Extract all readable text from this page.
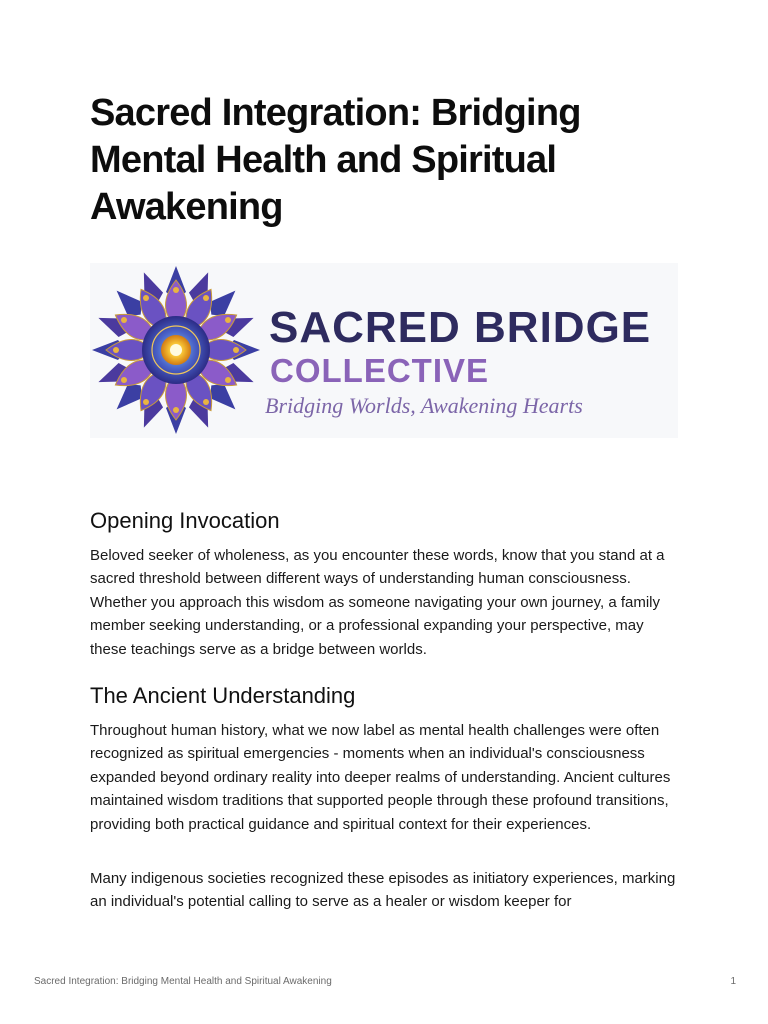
Sacred Integration: Bridging Mental Health and Spiritual Awakening
SACRED BRIDGE
COLLECTIVE
Bridging Worlds, Awakening Hearts
Opening Invocation

Beloved seeker of wholeness, as you encounter these words, know that you stand at a sacred threshold between different ways of understanding human consciousness. Whether you approach this wisdom as someone navigating your own journey, a family member seeking understanding, or a professional expanding your perspective, may these teachings serve as a bridge between worlds.

The Ancient Understanding

Throughout human history, what we now label as mental health challenges were often recognized as spiritual emergencies - moments when an individual's consciousness expanded beyond ordinary reality into deeper realms of understanding. Ancient cultures maintained wisdom traditions that supported people through these profound transitions, providing both practical guidance and spiritual context for their experiences.

Many indigenous societies recognized these episodes as initiatory experiences, marking an individual's potential calling to serve as a healer or wisdom keeper for

Sacred Integration: Bridging Mental Health and Spiritual Awakening	1
